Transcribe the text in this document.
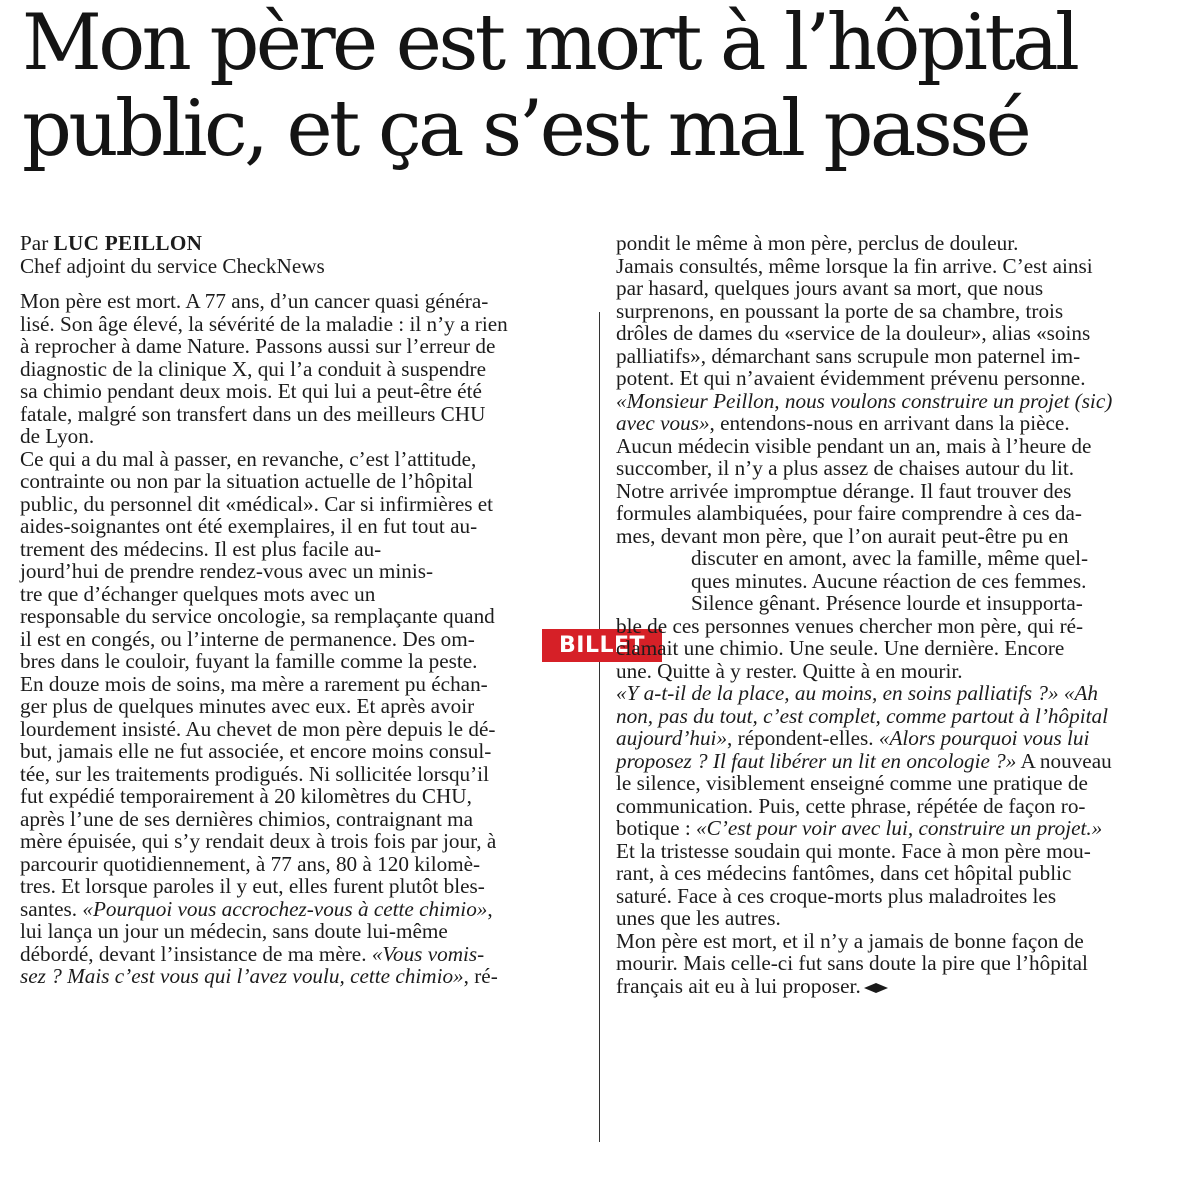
Mon père est mort à l’hôpital
public, et ça s’est mal passé
Par LUC PEILLON
Chef adjoint du service CheckNews
Mon père est mort. A 77 ans, d’un cancer quasi généra-
lisé. Son âge élevé, la sévérité de la maladie : il n’y a rien
à reprocher à dame Nature. Passons aussi sur l’erreur de
diagnostic de la clinique X, qui l’a conduit à suspendre
sa chimio pendant deux mois. Et qui lui a peut-être été
fatale, malgré son transfert dans un des meilleurs CHU
de Lyon.
Ce qui a du mal à passer, en revanche, c’est l’attitude,
contrainte ou non par la situation actuelle de l’hôpital
public, du personnel dit «médical». Car si infirmières et
aides-soignantes ont été exemplaires, il en fut tout au-
trement des médecins. Il est plus facile au-
jourd’hui de prendre rendez-vous avec un minis-
tre que d’échanger quelques mots avec un
responsable du service oncologie, sa remplaçante quand
il est en congés, ou l’interne de permanence. Des om-
bres dans le couloir, fuyant la famille comme la peste.
En douze mois de soins, ma mère a rarement pu échan-
ger plus de quelques minutes avec eux. Et après avoir
lourdement insisté. Au chevet de mon père depuis le dé-
but, jamais elle ne fut associée, et encore moins consul-
tée, sur les traitements prodigués. Ni sollicitée lorsqu’il
fut expédié temporairement à 20 kilomètres du CHU,
après l’une de ses dernières chimios, contraignant ma
mère épuisée, qui s’y rendait deux à trois fois par jour, à
parcourir quotidiennement, à 77 ans, 80 à 120 kilomè-
tres. Et lorsque paroles il y eut, elles furent plutôt bles-
santes. «Pourquoi vous accrochez-vous à cette chimio»,
lui lança un jour un médecin, sans doute lui-même
débordé, devant l’insistance de ma mère. «Vous vomis-
sez ? Mais c’est vous qui l’avez voulu, cette chimio», ré-
BILLET
pondit le même à mon père, perclus de douleur.
Jamais consultés, même lorsque la fin arrive. C’est ainsi
par hasard, quelques jours avant sa mort, que nous
surprenons, en poussant la porte de sa chambre, trois
drôles de dames du «service de la douleur», alias «soins
palliatifs», démarchant sans scrupule mon paternel im-
potent. Et qui n’avaient évidemment prévenu personne.
«Monsieur Peillon, nous voulons construire un projet (sic)
avec vous», entendons-nous en arrivant dans la pièce.
Aucun médecin visible pendant un an, mais à l’heure de
succomber, il n’y a plus assez de chaises autour du lit.
Notre arrivée impromptue dérange. Il faut trouver des
formules alambiquées, pour faire comprendre à ces da-
mes, devant mon père, que l’on aurait peut-être pu en
discuter en amont, avec la famille, même quel-
ques minutes. Aucune réaction de ces femmes.
Silence gênant. Présence lourde et insupporta-
ble de ces personnes venues chercher mon père, qui ré-
clamait une chimio. Une seule. Une dernière. Encore
une. Quitte à y rester. Quitte à en mourir.
«Y a-t-il de la place, au moins, en soins palliatifs ?» «Ah
non, pas du tout, c’est complet, comme partout à l’hôpital
aujourd’hui», répondent-elles. «Alors pourquoi vous lui
proposez ? Il faut libérer un lit en oncologie ?» A nouveau
le silence, visiblement enseigné comme une pratique de
communication. Puis, cette phrase, répétée de façon ro-
botique : «C’est pour voir avec lui, construire un projet.»
Et la tristesse soudain qui monte. Face à mon père mou-
rant, à ces médecins fantômes, dans cet hôpital public
saturé. Face à ces croque-morts plus maladroites les
unes que les autres.
Mon père est mort, et il n’y a jamais de bonne façon de
mourir. Mais celle-ci fut sans doute la pire que l’hôpital
français ait eu à lui proposer.
